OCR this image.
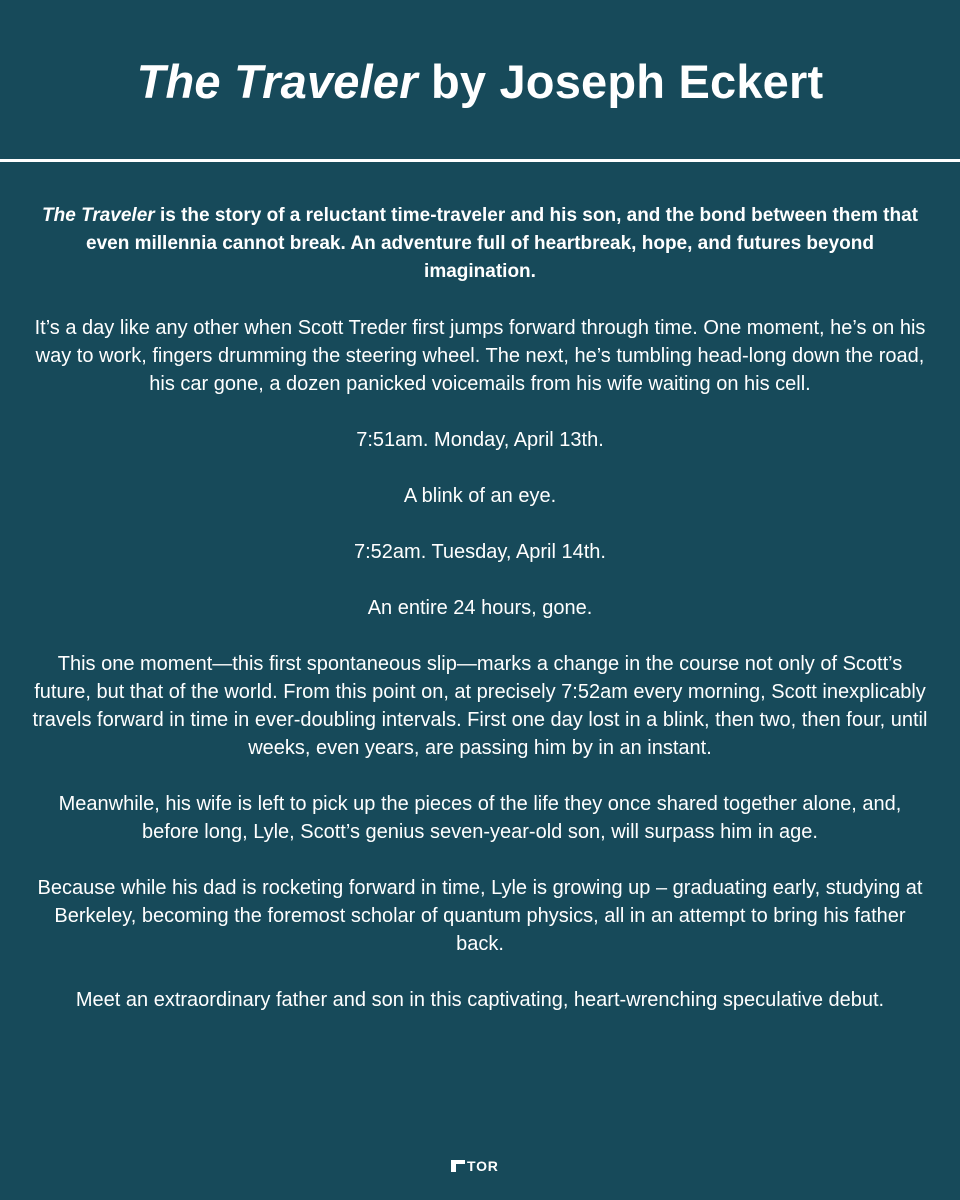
The Traveler by Joseph Eckert

The Traveler is the story of a reluctant time-traveler and his son, and the bond between them that even millennia cannot break. An adventure full of heartbreak, hope, and futures beyond imagination.

It’s a day like any other when Scott Treder first jumps forward through time. One moment, he’s on his way to work, fingers drumming the steering wheel. The next, he’s tumbling head-long down the road, his car gone, a dozen panicked voicemails from his wife waiting on his cell.

7:51am. Monday, April 13th.

A blink of an eye.

7:52am. Tuesday, April 14th.

An entire 24 hours, gone.

This one moment—this first spontaneous slip—marks a change in the course not only of Scott’s future, but that of the world. From this point on, at precisely 7:52am every morning, Scott inexplicably travels forward in time in ever-doubling intervals. First one day lost in a blink, then two, then four, until weeks, even years, are passing him by in an instant.

Meanwhile, his wife is left to pick up the pieces of the life they once shared together alone, and, before long, Lyle, Scott’s genius seven-year-old son, will surpass him in age.

Because while his dad is rocketing forward in time, Lyle is growing up – graduating early, studying at Berkeley, becoming the foremost scholar of quantum physics, all in an attempt to bring his father back.

Meet an extraordinary father and son in this captivating, heart-wrenching speculative debut.

TOR
